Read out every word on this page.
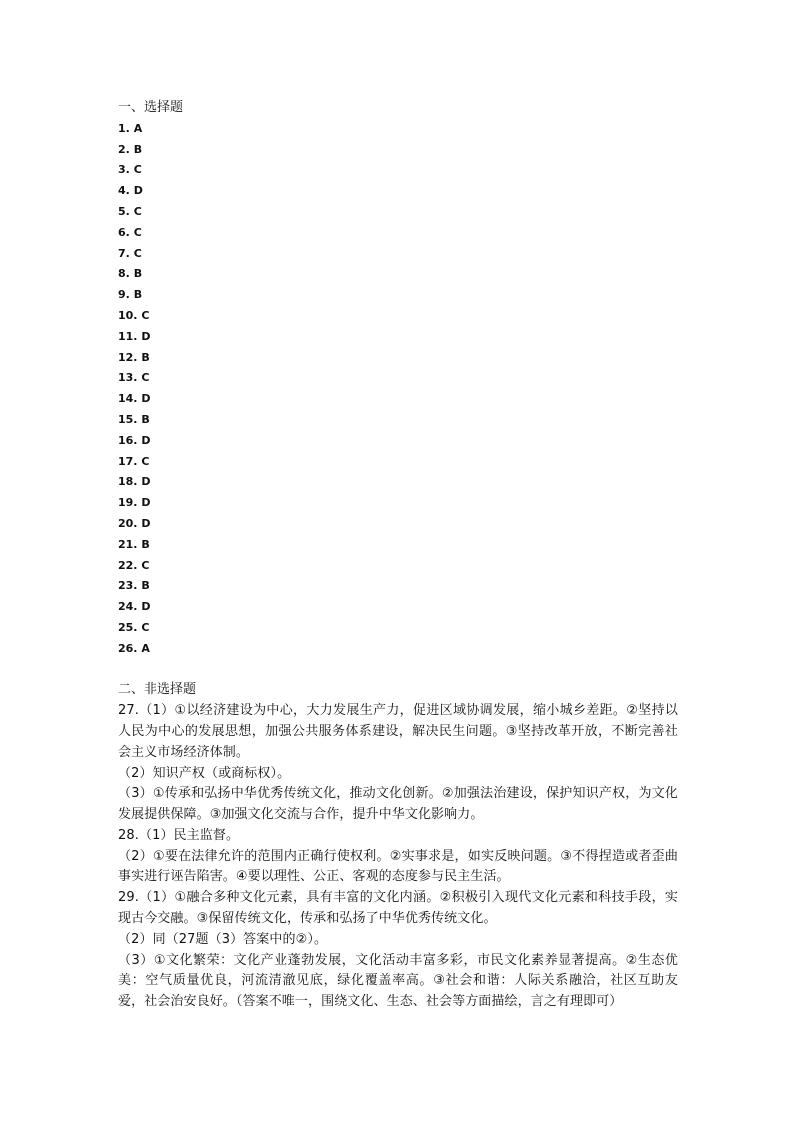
一、选择题
1. A
2. B
3. C
4. D
5. C
6. C
7. C
8. B
9. B
10. C
11. D
12. B
13. C
14. D
15. B
16. D
17. C
18. D
19. D
20. D
21. B
22. C
23. B
24. D
25. C
26. A
二、非选择题

27.（1）①以经济建设为中心，大力发展生产力，促进区域协调发展，缩小城乡差距。②坚持以人民为中心的发展思想，加强公共服务体系建设，解决民生问题。③坚持改革开放，不断完善社会主义市场经济体制。

（2）知识产权（或商标权）。

（3）①传承和弘扬中华优秀传统文化，推动文化创新。②加强法治建设，保护知识产权，为文化发展提供保障。③加强文化交流与合作，提升中华文化影响力。

28.（1）民主监督。

（2）①要在法律允许的范围内正确行使权利。②实事求是，如实反映问题。③不得捏造或者歪曲事实进行诬告陷害。④要以理性、公正、客观的态度参与民主生活。

29.（1）①融合多种文化元素，具有丰富的文化内涵。②积极引入现代文化元素和科技手段，实现古今交融。③保留传统文化，传承和弘扬了中华优秀传统文化。

（2）同（27题（3）答案中的②）。

（3）①文化繁荣：文化产业蓬勃发展，文化活动丰富多彩，市民文化素养显著提高。②生态优美：空气质量优良，河流清澈见底，绿化覆盖率高。③社会和谐：人际关系融洽，社区互助友爱，社会治安良好。（答案不唯一，围绕文化、生态、社会等方面描绘，言之有理即可）
